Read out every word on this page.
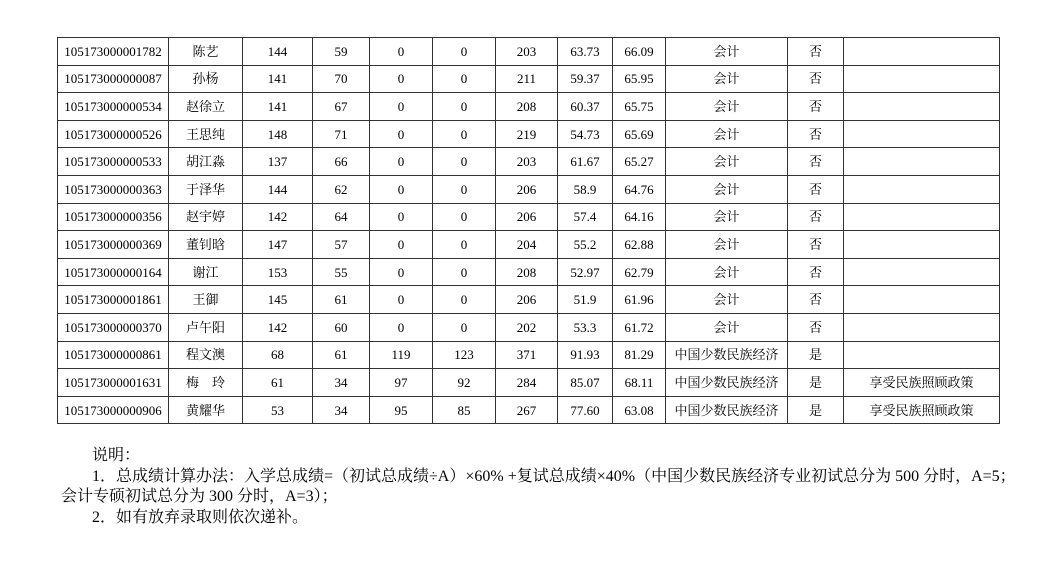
105173000001782	陈艺	144	59	0	0	203	63.73	66.09	会计	否	
105173000000087	孙杨	141	70	0	0	211	59.37	65.95	会计	否	
105173000000534	赵徐立	141	67	0	0	208	60.37	65.75	会计	否	
105173000000526	王思纯	148	71	0	0	219	54.73	65.69	会计	否	
105173000000533	胡江淼	137	66	0	0	203	61.67	65.27	会计	否	
105173000000363	于泽华	144	62	0	0	206	58.9	64.76	会计	否	
105173000000356	赵宇婷	142	64	0	0	206	57.4	64.16	会计	否	
105173000000369	董钊晗	147	57	0	0	204	55.2	62.88	会计	否	
105173000000164	谢江	153	55	0	0	208	52.97	62.79	会计	否	
105173000001861	王御	145	61	0	0	206	51.9	61.96	会计	否	
105173000000370	卢午阳	142	60	0	0	202	53.3	61.72	会计	否	
105173000000861	程文澳	68	61	119	123	371	91.93	81.29	中国少数民族经济	是	
105173000001631	梅　玲	61	34	97	92	284	85.07	68.11	中国少数民族经济	是	享受民族照顾政策
105173000000906	黄耀华	53	34	95	85	267	77.60	63.08	中国少数民族经济	是	享受民族照顾政策
说明：
1．总成绩计算办法：入学总成绩=（初试总成绩÷A）×60% +复试总成绩×40%（中国少数民族经济专业初试总分为 500 分时，A=5；
会计专硕初试总分为 300 分时，A=3）；
2．如有放弃录取则依次递补。
